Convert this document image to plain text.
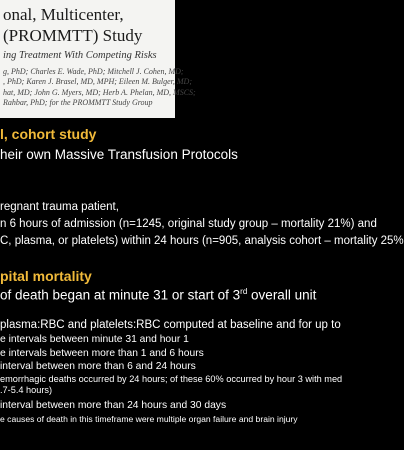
onal, Multicenter,
(PROMMTT) Study
ing Treatment With Competing Risks
g, PhD; Charles E. Wade, PhD; Mitchell J. Cohen, MD;
, PhD; Karen J. Brasel, MD, MPH; Eileen M. Bulger, MD;
hat, MD; John G. Myers, MD; Herb A. Phelan, MD, MSCS;
Rahbar, PhD; for the PROMMTT Study Group
l, cohort study
heir own Massive Transfusion Protocols
regnant trauma patient,
n 6 hours of admission (n=1245, original study group – mortality 21%) and
C, plasma, or platelets) within 24 hours (n=905, analysis cohort – mortality 25%
pital mortality
of death began at minute 31 or start of 3rd overall unit
plasma:RBC and platelets:RBC computed at baseline and for up to
e intervals between minute 31 and hour 1
e intervals between more than 1 and 6 hours
interval between more than 6 and 24 hours
emorrhagic deaths occurred by 24 hours; of these 60% occurred by hour 3 with med
.7-5.4 hours)
interval between more than 24 hours and 30 days
e causes of death in this timeframe were multiple organ failure and brain injury
